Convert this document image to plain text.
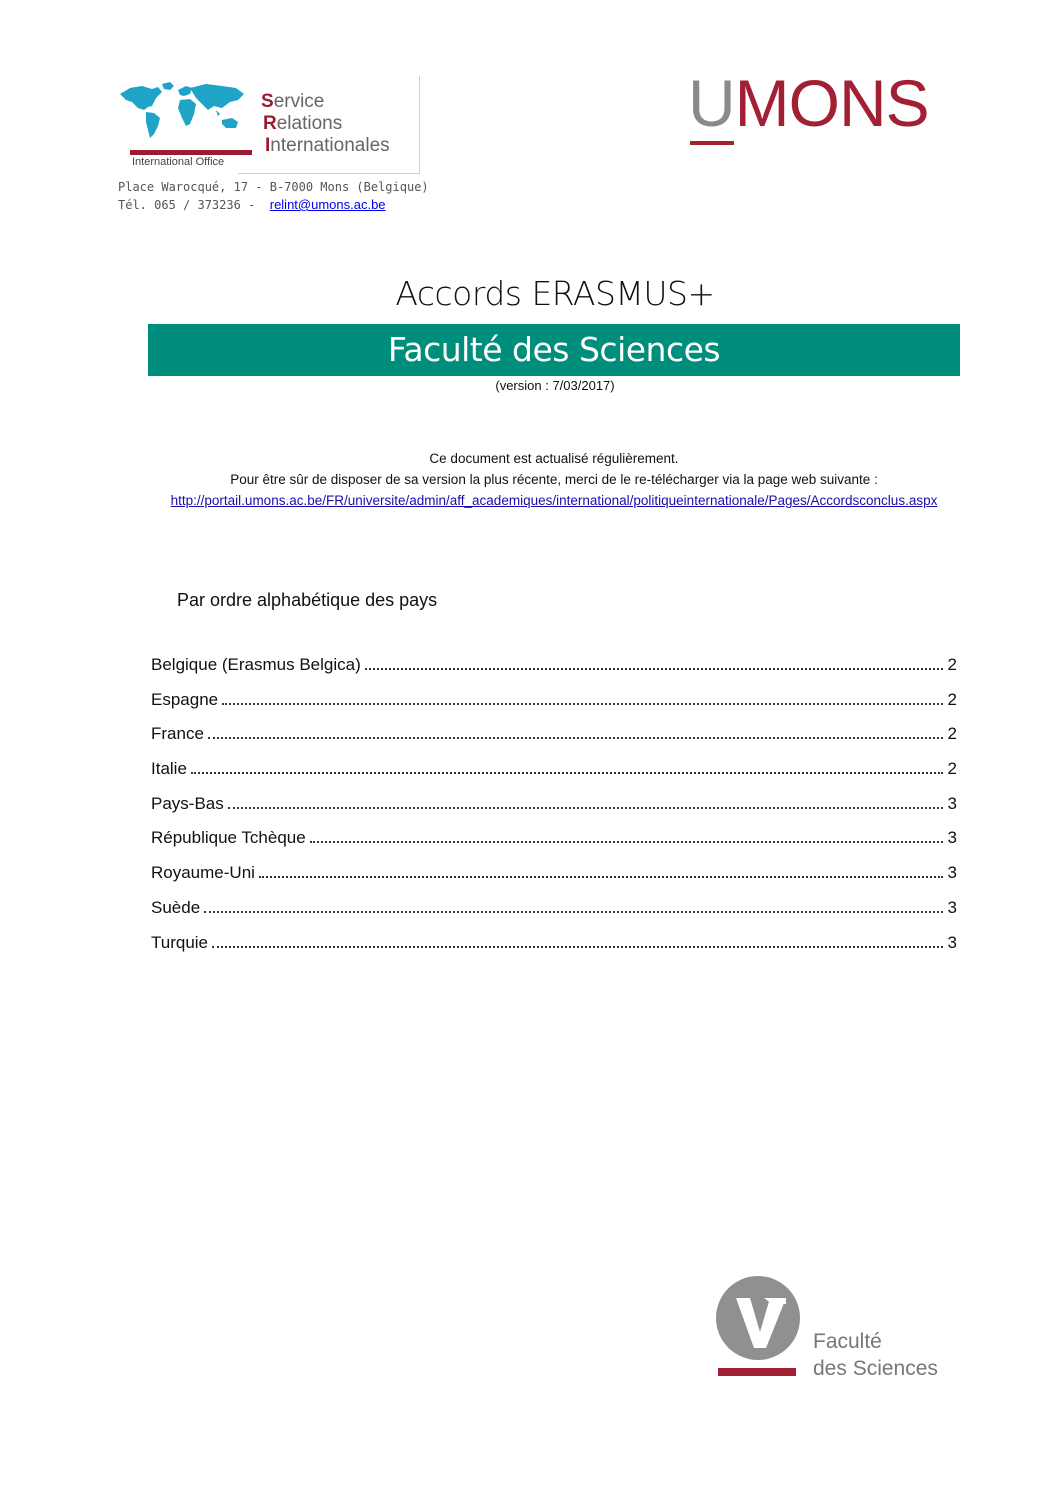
International Office
Service
Relations
Internationales
Place Warocqué, 17 - B-7000 Mons (Belgique)
Tél. 065 / 373236 - relint@umons.ac.be
UMONS
Accords ERASMUS+
Faculté des Sciences
(version : 7/03/2017)
Ce document est actualisé régulièrement.
Pour être sûr de disposer de sa version la plus récente, merci de le re-télécharger via la page web suivante :
http://portail.umons.ac.be/FR/universite/admin/aff_academiques/international/politiqueinternationale/Pages/Accordsconclus.aspx
Par ordre alphabétique des pays
Belgique (Erasmus Belgica)	2
Espagne	2
France	2
Italie	2
Pays-Bas	3
République Tchèque	3
Royaume-Uni	3
Suède	3
Turquie	3
Faculté
des Sciences
